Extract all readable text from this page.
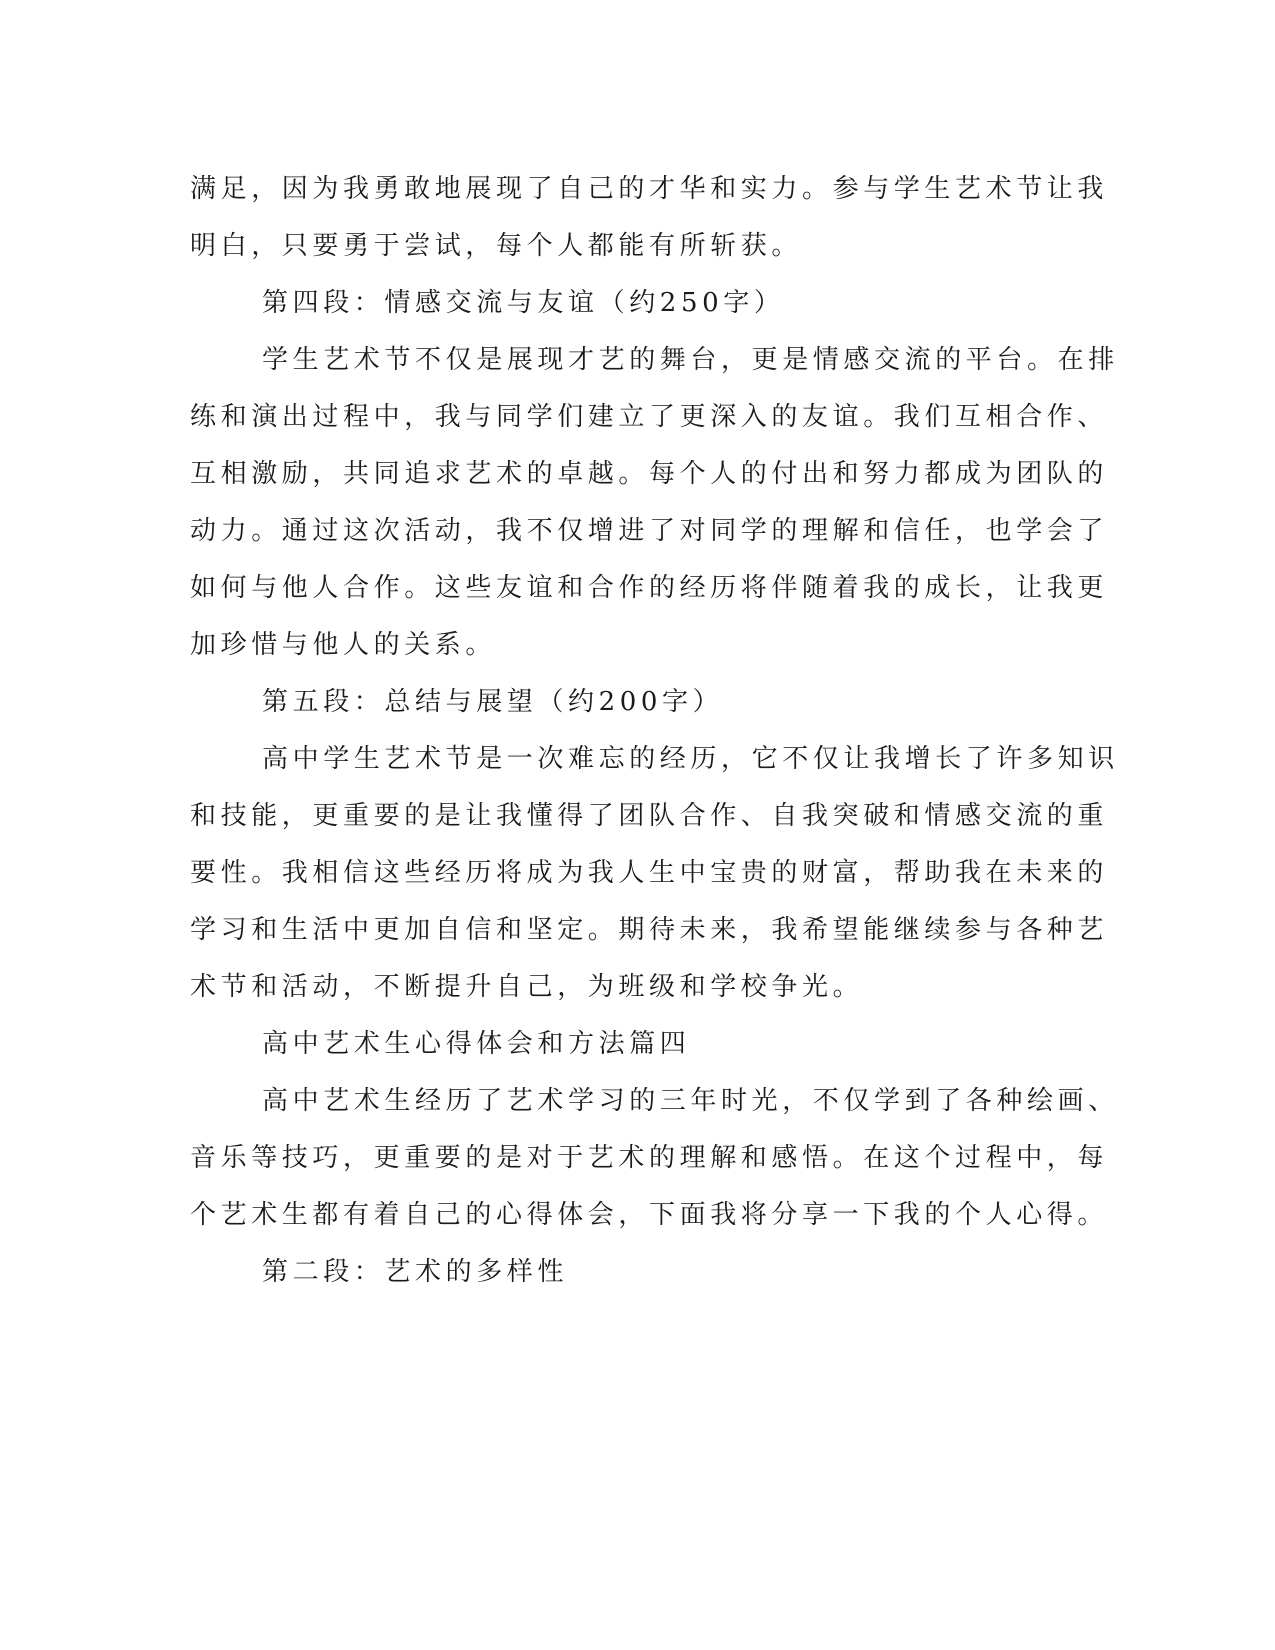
满足，因为我勇敢地展现了自己的才华和实力。参与学生艺术节让我
明白，只要勇于尝试，每个人都能有所斩获。
第四段：情感交流与友谊（约250字）
学生艺术节不仅是展现才艺的舞台，更是情感交流的平台。在排
练和演出过程中，我与同学们建立了更深入的友谊。我们互相合作、
互相激励，共同追求艺术的卓越。每个人的付出和努力都成为团队的
动力。通过这次活动，我不仅增进了对同学的理解和信任，也学会了
如何与他人合作。这些友谊和合作的经历将伴随着我的成长，让我更
加珍惜与他人的关系。
第五段：总结与展望（约200字）
高中学生艺术节是一次难忘的经历，它不仅让我增长了许多知识
和技能，更重要的是让我懂得了团队合作、自我突破和情感交流的重
要性。我相信这些经历将成为我人生中宝贵的财富，帮助我在未来的
学习和生活中更加自信和坚定。期待未来，我希望能继续参与各种艺
术节和活动，不断提升自己，为班级和学校争光。
高中艺术生心得体会和方法篇四
高中艺术生经历了艺术学习的三年时光，不仅学到了各种绘画、
音乐等技巧，更重要的是对于艺术的理解和感悟。在这个过程中，每
个艺术生都有着自己的心得体会，下面我将分享一下我的个人心得。
第二段：艺术的多样性
